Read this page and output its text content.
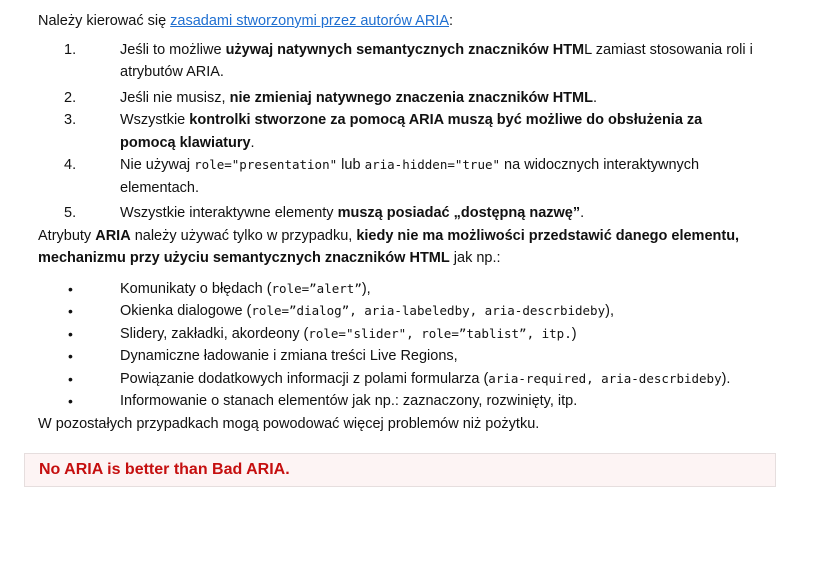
Należy kierować się zasadami stworzonymi przez autorów ARIA:

1.	Jeśli to możliwe używaj natywnych semantycznych znaczników HTML zamiast stosowania roli i atrybutów ARIA.
2.	Jeśli nie musisz, nie zmieniaj natywnego znaczenia znaczników HTML.
3.	Wszystkie kontrolki stworzone za pomocą ARIA muszą być możliwe do obsłużenia za pomocą klawiatury.
4.	Nie używaj role="presentation" lub aria-hidden="true" na widocznych interaktywnych elementach.
5.	Wszystkie interaktywne elementy muszą posiadać „dostępną nazwę”.

Atrybuty ARIA należy używać tylko w przypadku, kiedy nie ma możliwości przedstawić danego elementu, mechanizmu przy użyciu semantycznych znaczników HTML jak np.:

•	Komunikaty o błędach (role=”alert”),
•	Okienka dialogowe (role=”dialog”, aria-labeledby, aria-descrbideby),
•	Slidery, zakładki, akordeony (role="slider", role=”tablist”, itp.)
•	Dynamiczne ładowanie i zmiana treści Live Regions,
•	Powiązanie dodatkowych informacji z polami formularza (aria-required, aria-descrbideby).
•	Informowanie o stanach elementów jak np.: zaznaczony, rozwinięty, itp.

W pozostałych przypadkach mogą powodować więcej problemów niż pożytku.

No ARIA is better than Bad ARIA.
